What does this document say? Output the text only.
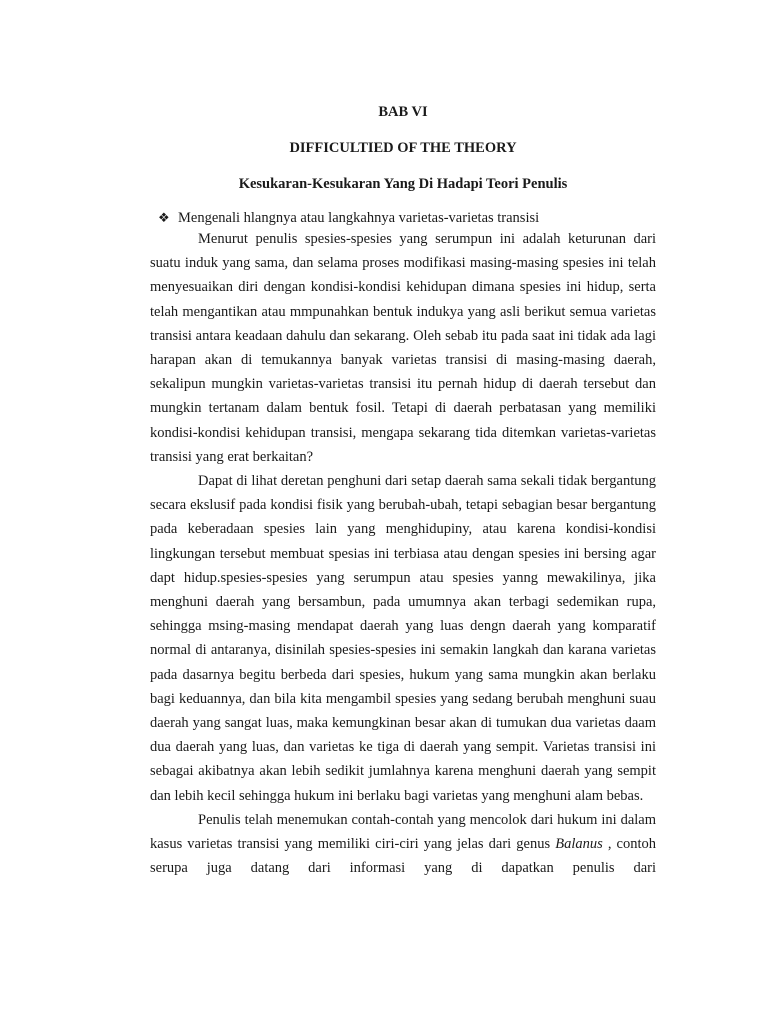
BAB VI
DIFFICULTIED OF THE THEORY
Kesukaran-Kesukaran Yang Di Hadapi Teori Penulis
❖ Mengenali hlangnya atau langkahnya varietas-varietas transisi

Menurut penulis spesies-spesies yang serumpun ini adalah keturunan dari suatu induk yang sama, dan selama proses modifikasi masing-masing spesies ini telah menyesuaikan diri dengan kondisi-kondisi kehidupan dimana spesies ini hidup, serta telah mengantikan atau mmpunahkan bentuk indukya yang asli berikut semua varietas transisi antara keadaan dahulu dan sekarang. Oleh sebab itu pada saat ini tidak ada lagi harapan akan di temukannya banyak varietas transisi di masing-masing daerah, sekalipun mungkin varietas-varietas transisi itu pernah hidup di daerah tersebut dan mungkin tertanam dalam bentuk fosil. Tetapi di daerah perbatasan yang memiliki kondisi-kondisi kehidupan transisi, mengapa sekarang tida ditemkan varietas-varietas transisi yang erat berkaitan?

Dapat di lihat deretan penghuni dari setap daerah sama sekali tidak bergantung secara ekslusif pada kondisi fisik yang berubah-ubah, tetapi sebagian besar bergantung pada keberadaan spesies lain yang menghidupiny, atau karena kondisi-kondisi lingkungan tersebut membuat spesias ini terbiasa atau dengan spesies ini bersing agar dapt hidup.spesies-spesies yang serumpun atau spesies yanng mewakilinya, jika menghuni daerah yang bersambun, pada umumnya akan terbagi sedemikan rupa, sehingga msing-masing mendapat daerah yang luas dengn daerah yang komparatif normal di antaranya, disinilah spesies-spesies ini semakin langkah dan karana varietas pada dasarnya begitu berbeda dari spesies, hukum yang sama mungkin akan berlaku bagi keduannya, dan bila kita mengambil spesies yang sedang berubah menghuni suau daerah yang sangat luas, maka kemungkinan besar akan di tumukan dua varietas daam dua daerah yang luas, dan varietas ke tiga di daerah yang sempit. Varietas transisi ini sebagai akibatnya akan lebih sedikit jumlahnya karena menghuni daerah yang sempit dan lebih kecil sehingga hukum ini berlaku bagi varietas yang menghuni alam bebas.

Penulis telah menemukan contah-contah yang mencolok dari hukum ini dalam kasus varietas transisi yang memiliki ciri-ciri yang jelas dari genus Balanus , contoh serupa juga datang dari informasi yang di dapatkan penulis dari
